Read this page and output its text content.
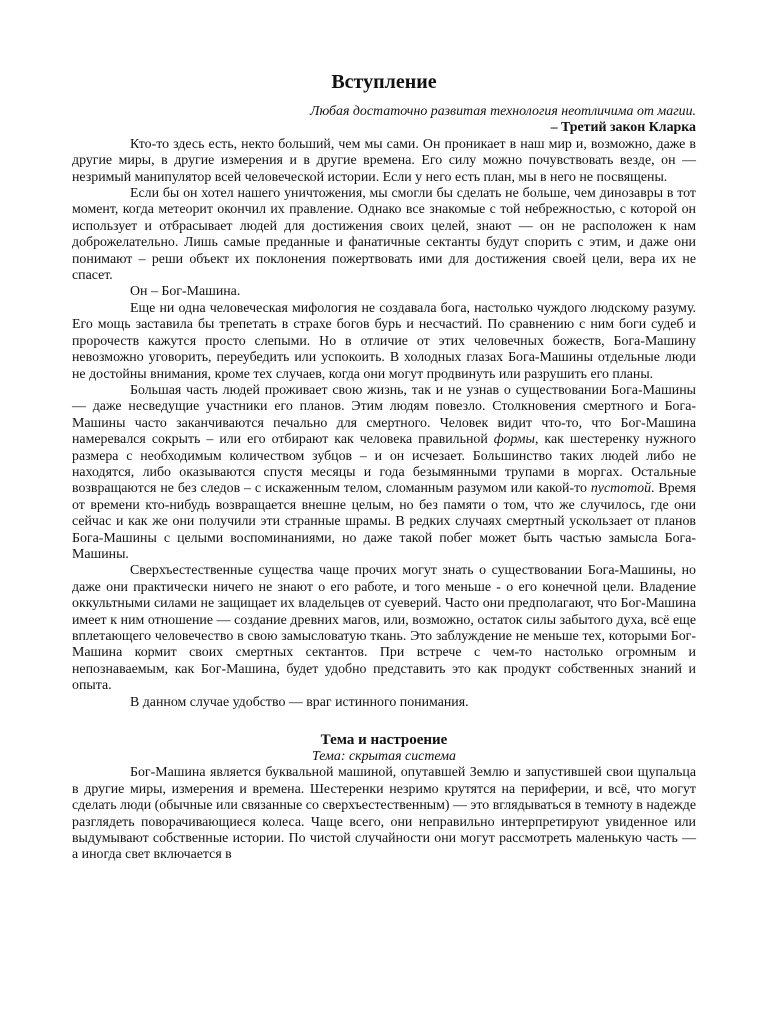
Вступление
Любая достаточно развитая технология неотличима от магии.
– Третий закон Кларка

Кто-то здесь есть, некто больший, чем мы сами. Он проникает в наш мир и, возможно, даже в другие миры, в другие измерения и в другие времена. Его силу можно почувствовать везде, он — незримый манипулятор всей человеческой истории. Если у него есть план, мы в него не посвящены.

Если бы он хотел нашего уничтожения, мы смогли бы сделать не больше, чем динозавры в тот момент, когда метеорит окончил их правление. Однако все знакомые с той небрежностью, с которой он использует и отбрасывает людей для достижения своих целей, знают — он не расположен к нам доброжелательно. Лишь самые преданные и фанатичные сектанты будут спорить с этим, и даже они понимают – реши объект их поклонения пожертвовать ими для достижения своей цели, вера их не спасет.

Он – Бог-Машина.

Еще ни одна человеческая мифология не создавала бога, настолько чуждого людскому разуму. Его мощь заставила бы трепетать в страхе богов бурь и несчастий. По сравнению с ним боги судеб и пророчеств кажутся просто слепыми. Но в отличие от этих человечных божеств, Бога-Машину невозможно уговорить, переубедить или успокоить. В холодных глазах Бога-Машины отдельные люди не достойны внимания, кроме тех случаев, когда они могут продвинуть или разрушить его планы.

Большая часть людей проживает свою жизнь, так и не узнав о существовании Бога-Машины — даже несведущие участники его планов. Этим людям повезло. Столкновения смертного и Бога-Машины часто заканчиваются печально для смертного. Человек видит что-то, что Бог-Машина намеревался сокрыть – или его отбирают как человека правильной формы, как шестеренку нужного размера с необходимым количеством зубцов – и он исчезает. Большинство таких людей либо не находятся, либо оказываются спустя месяцы и года безымянными трупами в моргах. Остальные возвращаются не без следов – с искаженным телом, сломанным разумом или какой-то пустотой. Время от времени кто-нибудь возвращается внешне целым, но без памяти о том, что же случилось, где они сейчас и как же они получили эти странные шрамы. В редких случаях смертный ускользает от планов Бога-Машины с целыми воспоминаниями, но даже такой побег может быть частью замысла Бога-Машины.

Сверхъестественные существа чаще прочих могут знать о существовании Бога-Машины, но даже они практически ничего не знают о его работе, и того меньше - о его конечной цели. Владение оккультными силами не защищает их владельцев от суеверий. Часто они предполагают, что Бог-Машина имеет к ним отношение — создание древних магов, или, возможно, остаток силы забытого духа, всё еще вплетающего человечество в свою замысловатую ткань. Это заблуждение не меньше тех, которыми Бог-Машина кормит своих смертных сектантов. При встрече с чем-то настолько огромным и непознаваемым, как Бог-Машина, будет удобно представить это как продукт собственных знаний и опыта.

В данном случае удобство — враг истинного понимания.

Тема и настроение
Тема: скрытая система

Бог-Машина является буквальной машиной, опутавшей Землю и запустившей свои щупальца в другие миры, измерения и времена. Шестеренки незримо крутятся на периферии, и всё, что могут сделать люди (обычные или связанные со сверхъестественным) — это вглядываться в темноту в надежде разглядеть поворачивающиеся колеса. Чаще всего, они неправильно интерпретируют увиденное или выдумывают собственные истории. По чистой случайности они могут рассмотреть маленькую часть — а иногда свет включается в
